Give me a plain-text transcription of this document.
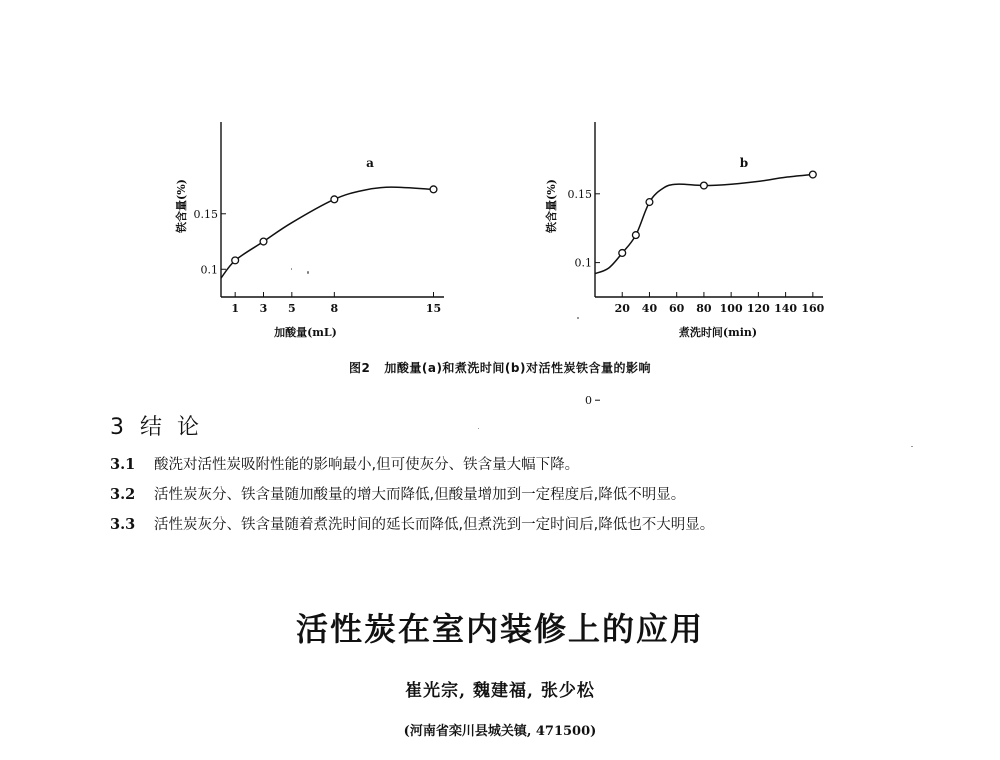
1 3 5	8	15
0.1
0.15
a
加酸量(mL)
铁含量(%)
20 40 60 80 100 120 140 160
0
0.1
0.15
b
煮洗时间(min)
铁含量(%)
图2 加酸量(a)和煮洗时间(b)对活性炭铁含量的影响
3 结 论
3.1 酸洗对活性炭吸附性能的影响最小,但可使灰分、铁含量大幅下降。
3.2 活性炭灰分、铁含量随加酸量的增大而降低,但酸量增加到一定程度后,降低不明显。
3.3 活性炭灰分、铁含量随着煮洗时间的延长而降低,但煮洗到一定时间后,降低也不大明显。
活性炭在室内装修上的应用
崔光宗, 魏建福, 张少松
(河南省栾川县城关镇, 471500)
